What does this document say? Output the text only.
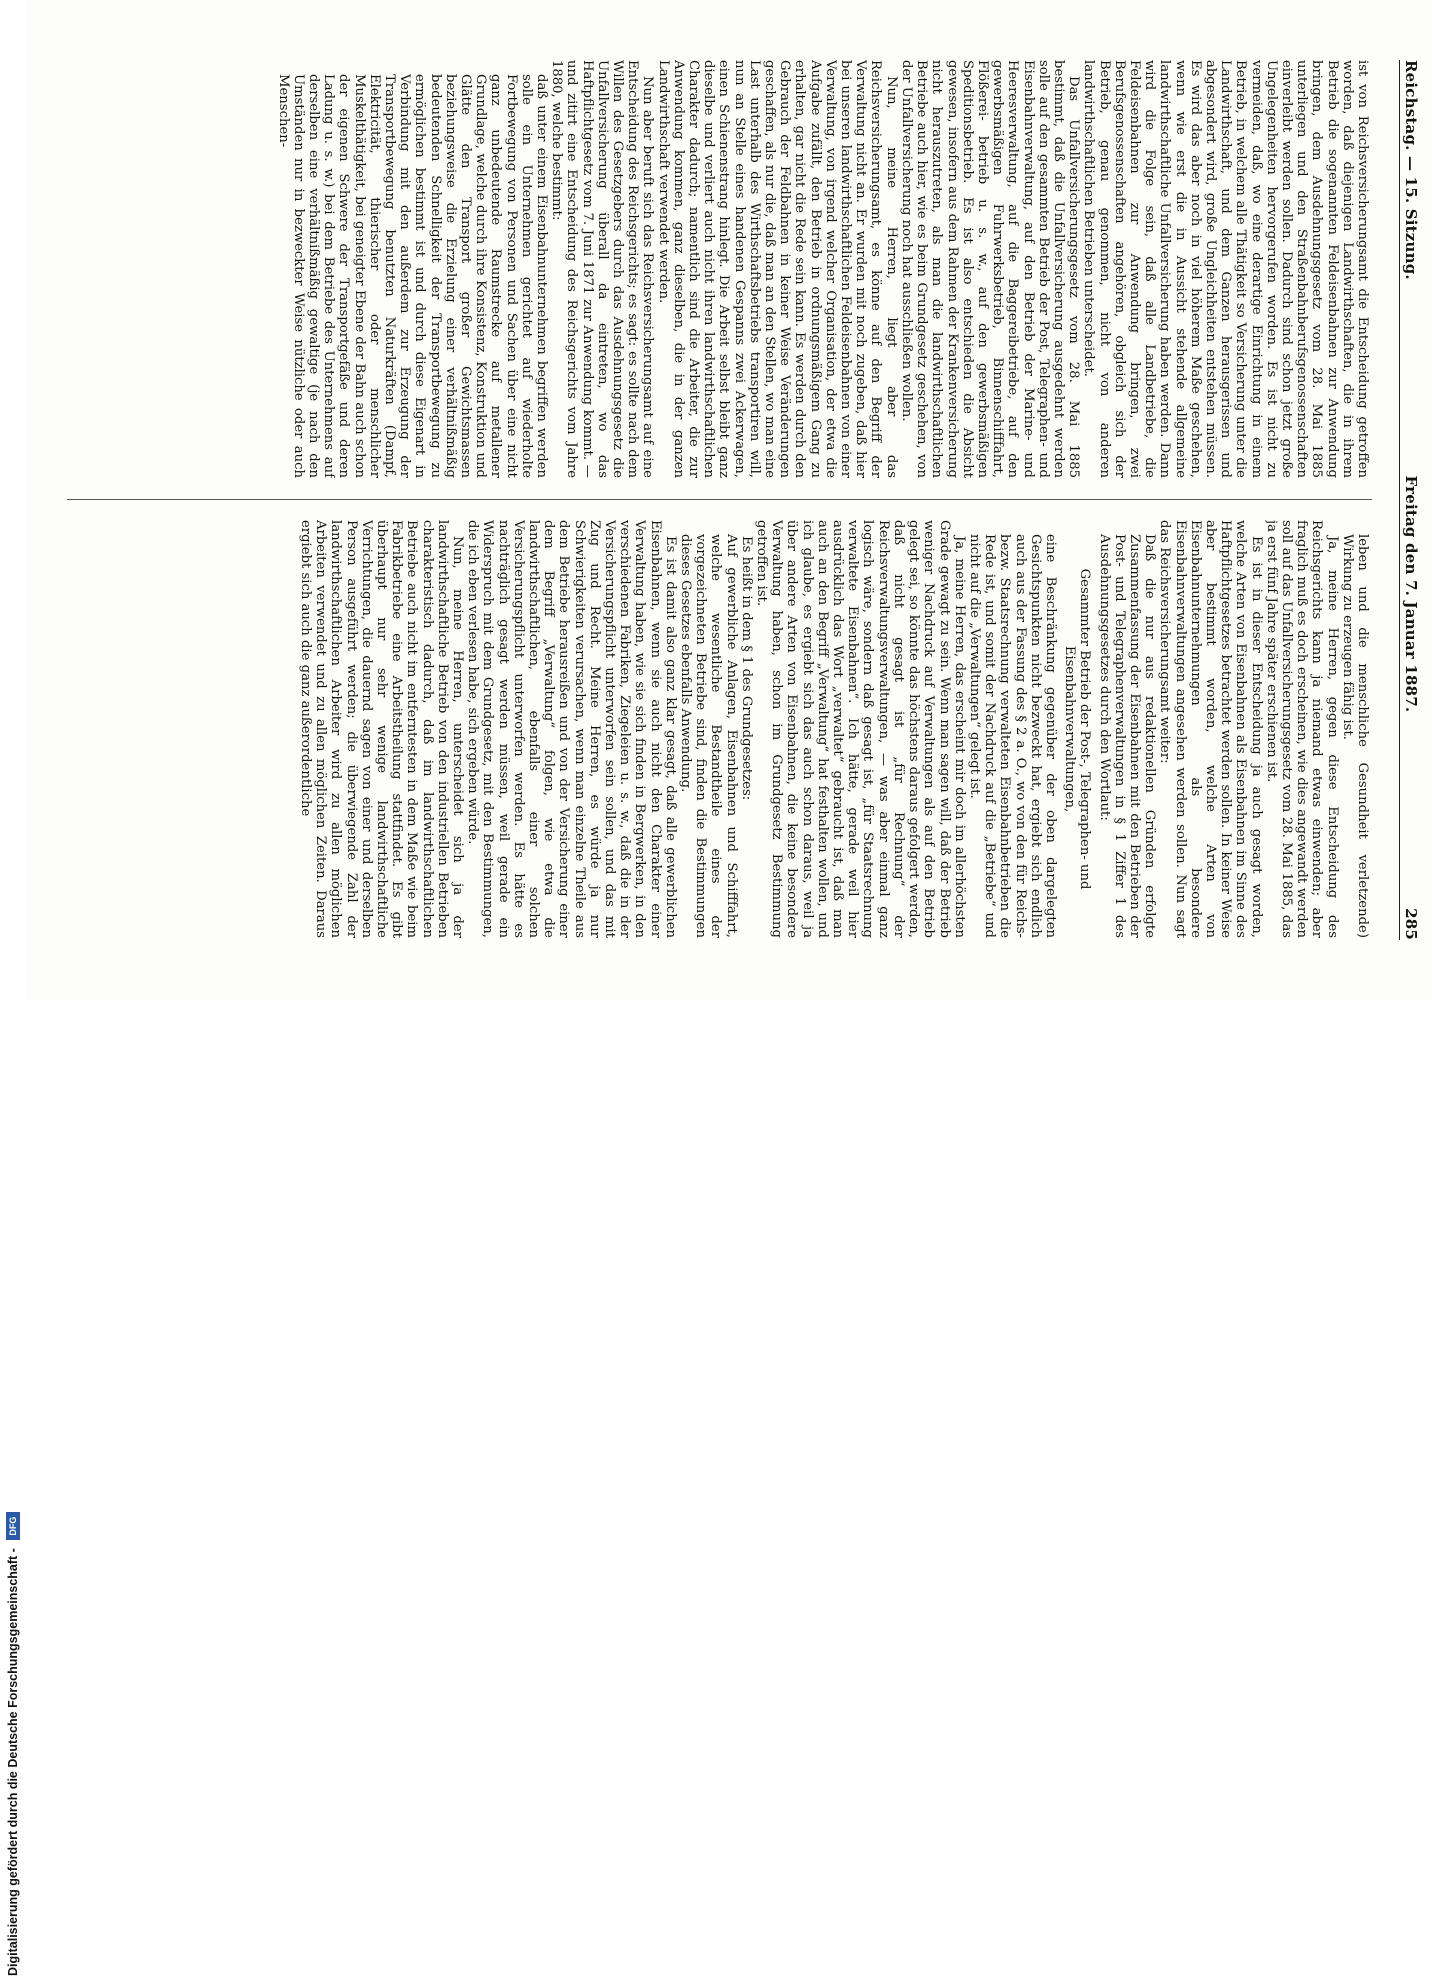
Reichstag. — 15. Sitzung.
Freitag den 7. Januar 1887.
285

ist von Reichsversicherungsamt die Entscheidung getroffen worden, daß diejenigen Landwirthschaften, die in ihrem Betrieb die sogenannten Feldeisenbahnen zur Anwendung bringen, dem Ausdehnungsgesetz vom 28. Mai 1885 unterliegen und den Straßenbahnberufsgenossenschaften einverleibt werden sollen. Dadurch sind schon jetzt große Ungelegenheiten hervorgerufen worden. Es ist nicht zu vermeiden, daß, wo eine derartige Einrichtung in einem Betrieb, in welchem alle Thätigkeit so Versicherung unter die Landwirthschaft, und dem Ganzen herausgerissen und abgesondert wird, große Ungleichheiten entstehen müssen. Es wird das aber noch in viel höherem Maße geschehen, wenn wie erst die in Aussicht stehende allgemeine landwirthschaftliche Unfallversicherung haben werden. Dann wird die Folge sein, daß alle Landbetriebe, die Feldeisenbahnen zur Anwendung bringen, zwei Berufsgenossenschaften angehören, obgleich sich der Betrieb, genau genommen, nicht von anderen landwirthschaftlichen Betrieben unterscheidet.

Das Unfallversicherungsgesetz vom 28. Mai 1885 bestimmt, daß die Unfallversicherung ausgedehnt werden solle auf den gesammten Betrieb der Post, Telegraphen- und Eisenbahnverwaltung, auf den Betrieb der Marine- und Heeresverwaltung, auf die Baggereibetriebe, auf den gewerbsmäßigen Fuhrwerksbetrieb, Binnenschifffahrt, Flößerei- betrieb u. s. w., auf den gewerbsmäßigen Speditionsbetrieb. Es ist also entschieden die Absicht gewesen, insofern aus dem Rahmen der Krankenversicherung nicht herauszutreten, als man die landwirthschaftlichen Betriebe auch hier, wie es beim Grundgesetz geschehen, von der Unfallversicherung noch hat ausschließen wollen.

Nun, meine Herren, liegt aber das Reichsversicherungsamt, es könne auf den Begriff der Verwaltung nicht an. Er wurden mit noch zugeben, daß hier bei unseren landwirthschaftlichen Feldeisenbahnen von einer Verwaltung, von irgend welcher Organisation, der etwa die Aufgabe zufällt, den Betrieb in ordnungsmäßigem Gang zu erhalten, gar nicht die Rede sein kann. Es werden durch den Gebrauch der Feldbahnen in keiner Weise Veränderungen geschaffen, als nur die, daß man an den Stellen, wo man eine Last unterhalb des Wirthschaftsbetriebs transportiren will, nun an Stelle eines handenen Gespanns zwei Ackerwagen, einen Schienenstrang hinlegt. Die Arbeit selbst bleibt ganz dieselbe und verliert auch nicht ihren landwirthschaftlichen Charakter dadurch; namentlich sind die Arbeiter, die zur Anwendung kommen, ganz dieselben, die in der ganzen Landwirthschaft verwendet werden.

Nun aber beruft sich das Reichsversicherungsamt auf eine Entscheidung des Reichsgerichts; es sagt: es sollte nach dem Willen des Gesetzgebers durch das Ausdehnungsgesetz die Unfallversicherung überall da eintreten, wo das Haftpflichtgesetz vom 7. Juni 1871 zur Anwendung kommt. — und zitirt eine Entscheidung des Reichsgerichts vom Jahre 1880, welche bestimmt:

daß unter einem Eisenbahnunternehmen begriffen werden solle ein Unternehmen gerichtet auf wiederholte Fortbewegung von Personen und Sachen über eine nicht ganz unbedeutende Raumstrecke auf metallener Grundlage, welche durch ihre Konsistenz, Konstruktion und Glätte den Transport großer Gewichtsmassen beziehungsweise die Erzielung einer verhältnißmäßig bedeutenden Schnelligkeit der Transportbewegung zu ermöglichen bestimmt ist und durch diese Eigenart in Verbindung mit den außerdem zur Erzeugung der Transportbewegung benutzten Naturkräften (Dampf, Elektricität, thierischer oder menschlicher Muskelthätigkeit, bei geneigter Ebene der Bahn auch schon der eigenen Schwere der Transportgefäße und deren Ladung u. s. w.) bei dem Betriebe des Unternehmens auf derselben eine verhältnißmäßig gewaltige (je nach den Umständen nur in bezweckter Weise nützliche oder auch Menschen-

leben und die menschliche Gesundheit verletzende) Wirkung zu erzeugen fähig ist.

Ja, meine Herren, gegen diese Entscheidung des Reichsgerichts kann ja niemand etwas einwenden; aber fraglich muß es doch erscheinen, wie dies angewandt werden soll auf das Unfallversicherungsgesetz vom 28. Mai 1885, das ja erst fünf Jahre später erschienen ist.

Es ist in dieser Entscheidung ja auch gesagt worden, welche Arten von Eisenbahnen als Eisenbahnen im Sinne des Haftpflichtgesetzes betrachtet werden sollen. In keiner Weise aber bestimmt worden, welche Arten von Eisenbahnunternehmungen als besondere Eisenbahnverwaltungen angesehen werden sollen. Nun sagt das Reichsversicherungsamt weiter:

Daß die nur aus redaktionellen Gründen erfolgte Zusammenfassung der Eisenbahnen mit den Betrieben der Post- und Telegraphenverwaltungen in § 1 Ziffer 1 des Ausdehnungsgesetzes durch den Wortlaut:

Gesammter Betrieb der Post-, Telegraphen- und Eisenbahnverwaltungen,

eine Beschränkung gegenüber der oben dargelegten Gesichtspunkten nicht bezweckt hat, ergiebt sich endlich auch aus der Fassung des § 2 a. O., wo von den für Reichs- bezw. Staatsrechnung verwalteten Eisenbahnbetrieben die Rede ist, und somit der Nachdruck auf die „Betriebe“ und nicht auf die „Verwaltungen“ gelegt ist.

Ja, meine Herren, das erscheint mir doch im allerhöchsten Grade gewagt zu sein. Wenn man sagen will, daß der Betrieb weniger Nachdruck auf Verwaltungen als auf den Betrieb gelegt sei, so könnte das höchstens daraus gefolgert werden, daß nicht gesagt ist „für Rechnung“ der Reichsverwaltungsverwaltungen, — was aber einmal ganz logisch wäre, sondern daß gesagt ist, „für Staatsrechnung verwaltete Eisenbahnen“. Ich hätte, gerade weil hier ausdrücklich das Wort „verwaltet“ gebraucht ist, daß man auch an den Begriff „Verwaltung“ hat festhalten wollen, und ich glaube, es ergiebt sich das auch schon daraus, weil ja über andere Arten von Eisenbahnen, die keine besondere Verwaltung haben, schon im Grundgesetz Bestimmung getroffen ist.

Es heißt in dem § 1 des Grundgesetzes:

Auf gewerbliche Anlagen, Eisenbahnen und Schifffahrt, welche wesentliche Bestandtheile eines der vorgezeichneten Betriebe sind, finden die Bestimmungen dieses Gesetzes ebenfalls Anwendung.

Es ist damit also ganz klar gesagt, daß alle gewerblichen Eisenbahnen, wenn sie auch nicht den Charakter einer Verwaltung haben, wie sie sich finden in Bergwerken, in den verschiedenen Fabriken, Ziegeleien u. s. w., daß die in der Versicherungspflicht unterworfen sein sollen, und das mit Zug und Recht. Meine Herren, es würde ja nur Schwierigkeiten verursachen, wenn man einzelne Theile aus dem Betriebe herausreißen und von der Versicherung einer dem Begriff „Verwaltung“ folgen, wie etwa die landwirthschaftlichen, ebenfalls einer solchen Versicherungspflicht unterworfen werden. Es hätte es nachträglich gesagt werden müssen, weil gerade ein Widerspruch mit dem Grundgesetz, mit den Bestimmungen, die ich eben verlesen habe, sich ergeben würde.

Nun, meine Herren, unterscheidet sich ja der landwirthschaftliche Betrieb von den industriellen Betrieben charakteristisch dadurch, daß im landwirthschaftlichen Betriebe auch nicht im entferntesten in dem Maße wie beim Fabrikbetriebe eine Arbeitstheilung stattfindet. Es gibt überhaupt nur sehr wenige landwirthschaftliche Verrichtungen, die dauernd sagen von einer und derselben Person ausgeführt werden; die überwiegende Zahl der landwirthschaftlichen Arbeiter wird zu allen möglichen Arbeiten verwendet und zu allen möglichen Zeiten. Daraus ergiebt sich auch die ganz außerordentliche

Digitalisierung gefördert durch die Deutsche Forschungsgemeinschaft -
DFG
